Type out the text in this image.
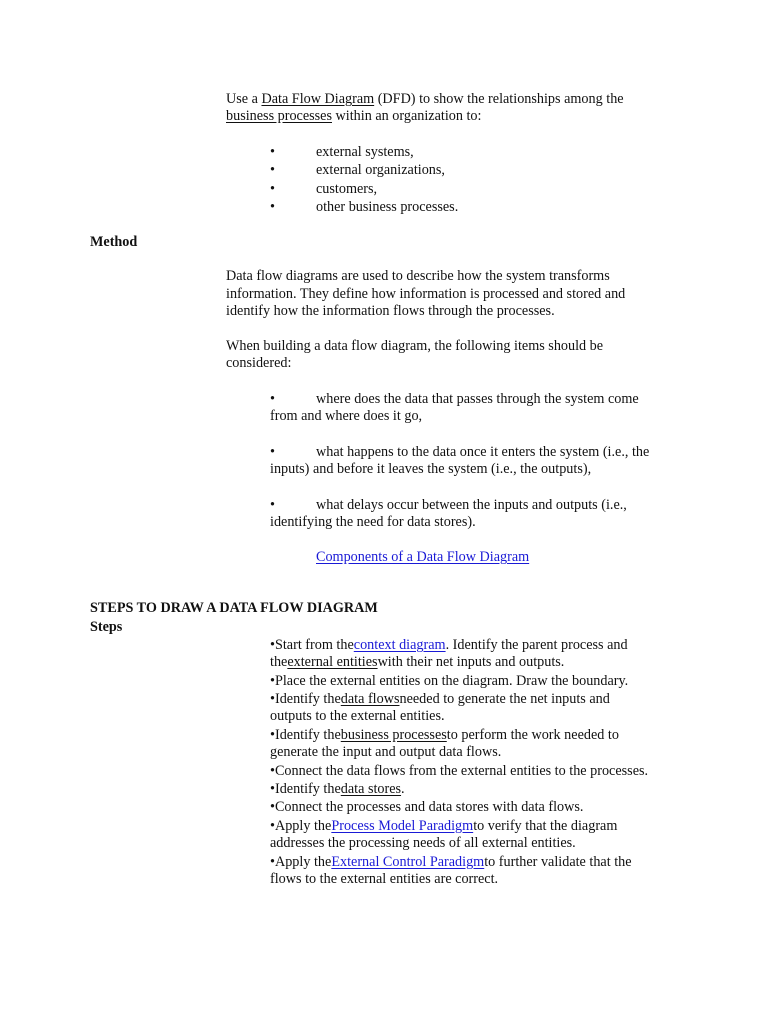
Use a Data Flow Diagram (DFD) to show the relationships among the
business processes within an organization to:
•	external systems,
•	external organizations,
•	customers,
•	other business processes.
Method
Data flow diagrams are used to describe how the system transforms
information. They define how information is processed and stored and
identify how the information flows through the processes.
When building a data flow diagram, the following items should be
considered:
•	where does the data that passes through the system come
from and where does it go,
•	what happens to the data once it enters the system (i.e., the
inputs) and before it leaves the system (i.e., the outputs),
•	what delays occur between the inputs and outputs (i.e.,
identifying the need for data stores).
Components of a Data Flow Diagram
STEPS TO DRAW A DATA FLOW DIAGRAM
Steps
•Start from thecontext diagram. Identify the parent process and
theexternal entitieswith their net inputs and outputs.
•Place the external entities on the diagram. Draw the boundary.
•Identify thedata flowsneeded to generate the net inputs and
outputs to the external entities.
•Identify thebusiness processesto perform the work needed to
generate the input and output data flows.
•Connect the data flows from the external entities to the processes.
•Identify thedata stores.
•Connect the processes and data stores with data flows.
•Apply theProcess Model Paradigmto verify that the diagram
addresses the processing needs of all external entities.
•Apply theExternal Control Paradigmto further validate that the
flows to the external entities are correct.
